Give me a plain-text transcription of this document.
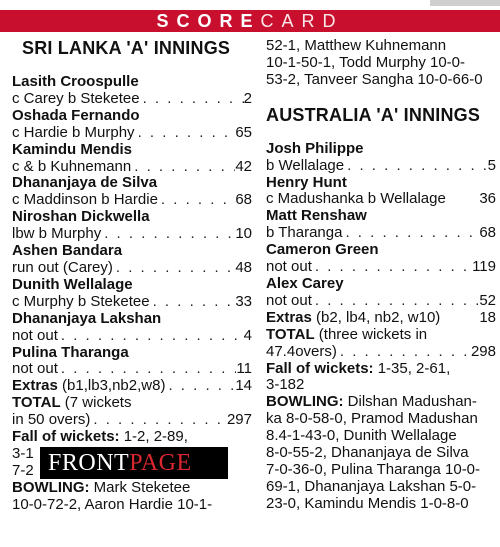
SCORECARD
SRI LANKA 'A' INNINGS
Lasith Croospulle
c Carey b Steketee . . .	2
Oshada Fernando
c Hardie b Murphy . . .	65
Kamindu Mendis
c & b Kuhnemann . . .	42
Dhananjaya de Silva
c Maddinson b Hardie . . .	68
Niroshan Dickwella
lbw b Murphy . . .	10
Ashen Bandara
run out (Carey) . . .	48
Dunith Wellalage
c Murphy b Steketee . . .	33
Dhananjaya Lakshan
not out . . .	4
Pulina Tharanga
not out . . .	11
Extras (b1,lb3,nb2,w8) . . .	14
TOTAL (7 wickets
in 50 overs) . . .	297
Fall of wickets: 1-2, 2-89,
3-1
7-2
BOWLING: Mark Steketee
10-0-72-2, Aaron Hardie 10-1-
52-1, Matthew Kuhnemann
10-1-50-1, Todd Murphy 10-0-
53-2, Tanveer Sangha 10-0-66-0
AUSTRALIA 'A' INNINGS
Josh Philippe
b Wellalage . . .	5
Henry Hunt
c Madushanka b Wellalage 36
Matt Renshaw
b Tharanga . . .	68
Cameron Green
not out . . .	119
Alex Carey
not out . . .	52
Extras (b2, lb4, nb2, w10)	18
TOTAL (three wickets in
47.4overs) . . .	298
Fall of wickets: 1-35, 2-61,
3-182
BOWLING: Dilshan Madushan-
ka 8-0-58-0, Pramod Madushan
8.4-1-43-0, Dunith Wellalage
8-0-55-2, Dhananjaya de Silva
7-0-36-0, Pulina Tharanga 10-0-
69-1, Dhananjaya Lakshan 5-0-
23-0, Kamindu Mendis 1-0-8-0
FRONTPAGE
